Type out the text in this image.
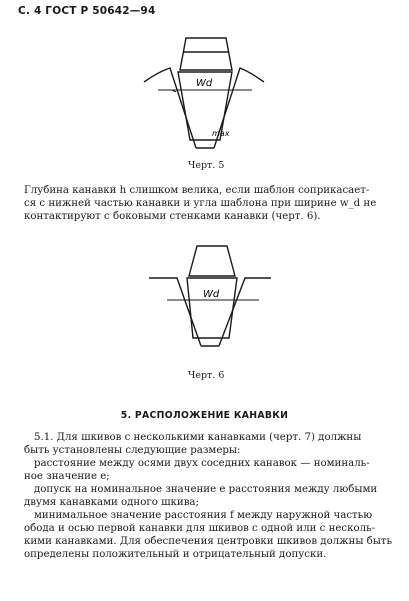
С. 4 ГОСТ Р 50642—94
Wd
max
Черт. 5
Глубина канавки h слишком велика, если шаблон соприкасает-
ся с нижней частью канавки и угла шаблона при ширине w_d не
контактируют с боковыми стенками канавки (черт. 6).
Wd
Черт. 6
5. РАСПОЛОЖЕНИЕ КАНАВКИ
5.1. Для шкивов с несколькими канавками (черт. 7) должны
быть установлены следующие размеры:
расстояние между осями двух соседних канавок — номиналь-
ное значение е;
допуск на номинальное значение е расстояния между любыми
двумя канавками одного шкива;
минимальное значение расстояния f между наружной частью
обода и осью первой канавки для шкивов с одной или с несколь-
кими канавками. Для обеспечения центровки шкивов должны быть
определены положительный и отрицательный допуски.
